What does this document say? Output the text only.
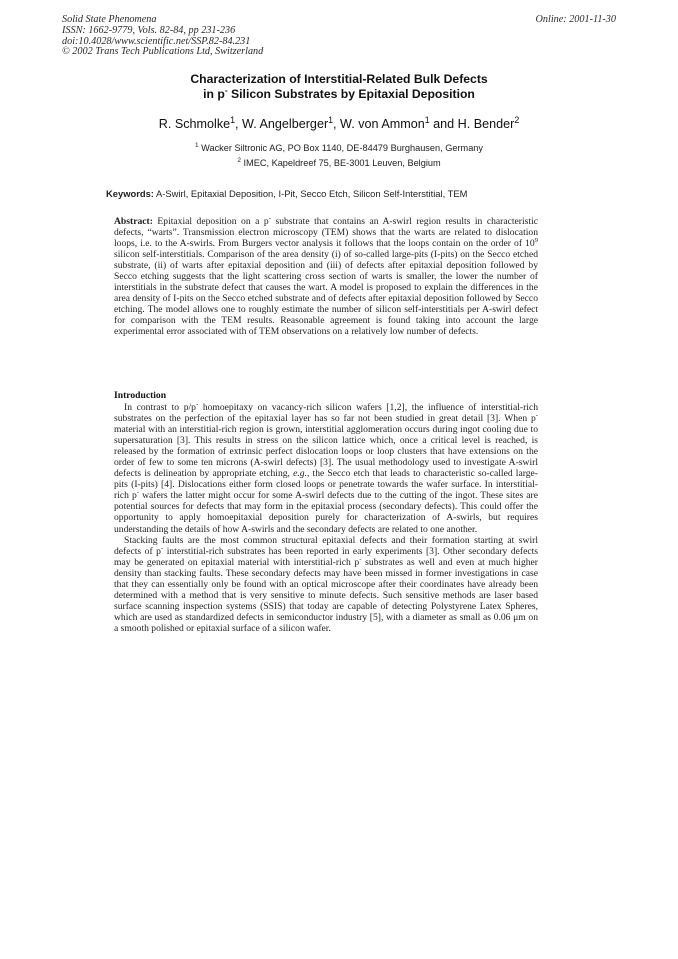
Solid State Phenomena
ISSN: 1662-9779, Vols. 82-84, pp 231-236
doi:10.4028/www.scientific.net/SSP.82-84.231
© 2002 Trans Tech Publications Ltd, Switzerland
Online: 2001-11-30
Characterization of Interstitial-Related Bulk Defects
in p- Silicon Substrates by Epitaxial Deposition
R. Schmolke$^1$, W. Angelberger$^1$, W. von Ammon$^1$ and H. Bender$^2$
$^1$ Wacker Siltronic AG, PO Box 1140, DE-84479 Burghausen, Germany
$^2$ IMEC, Kapeldreef 75, BE-3001 Leuven, Belgium
Keywords: A-Swirl, Epitaxial Deposition, I-Pit, Secco Etch, Silicon Self-Interstitial, TEM

Abstract: Epitaxial deposition on a p- substrate that contains an A-swirl region results in characteristic defects, “warts”. Transmission electron microscopy (TEM) shows that the warts are related to dislocation loops, i.e. to the A-swirls. From Burgers vector analysis it follows that the loops contain on the order of $10^9$ silicon self-interstitials. Comparison of the area density (i) of so-called large-pits (I-pits) on the Secco etched substrate, (ii) of warts after epitaxial deposition and (iii) of defects after epitaxial deposition followed by Secco etching suggests that the light scattering cross section of warts is smaller, the lower the number of interstitials in the substrate defect that causes the wart. A model is proposed to explain the differences in the area density of I-pits on the Secco etched substrate and of defects after epitaxial deposition followed by Secco etching. The model allows one to roughly estimate the number of silicon self-interstitials per A-swirl defect for comparison with the TEM results. Reasonable agreement is found taking into account the large experimental error associated with of TEM observations on a relatively low number of defects.

Introduction

In contrast to p/p- homoepitaxy on vacancy-rich silicon wafers [1,2], the influence of interstitial-rich substrates on the perfection of the epitaxial layer has so far not been studied in great detail [3]. When p- material with an interstitial-rich region is grown, interstitial agglomeration occurs during ingot cooling due to supersaturation [3]. This results in stress on the silicon lattice which, once a critical level is reached, is released by the formation of extrinsic perfect dislocation loops or loop clusters that have extensions on the order of few to some ten microns (A-swirl defects) [3]. The usual methodology used to investigate A-swirl defects is delineation by appropriate etching, e.g., the Secco etch that leads to characteristic so-called large-pits (I-pits) [4]. Dislocations either form closed loops or penetrate towards the wafer surface. In interstitial-rich p- wafers the latter might occur for some A-swirl defects due to the cutting of the ingot. These sites are potential sources for defects that may form in the epitaxial process (secondary defects). This could offer the opportunity to apply homoepitaxial deposition purely for characterization of A-swirls, but requires understanding the details of how A-swirls and the secondary defects are related to one another.

Stacking faults are the most common structural epitaxial defects and their formation starting at swirl defects of p- interstitial-rich substrates has been reported in early experiments [3]. Other secondary defects may be generated on epitaxial material with interstitial-rich p- substrates as well and even at much higher density than stacking faults. These secondary defects may have been missed in former investigations in case that they can essentially only be found with an optical microscope after their coordinates have already been determined with a method that is very sensitive to minute defects. Such sensitive methods are laser based surface scanning inspection systems (SSIS) that today are capable of detecting Polystyrene Latex Spheres, which are used as standardized defects in semiconductor industry [5], with a diameter as small as 0.06 μm on a smooth polished or epitaxial surface of a silicon wafer.
